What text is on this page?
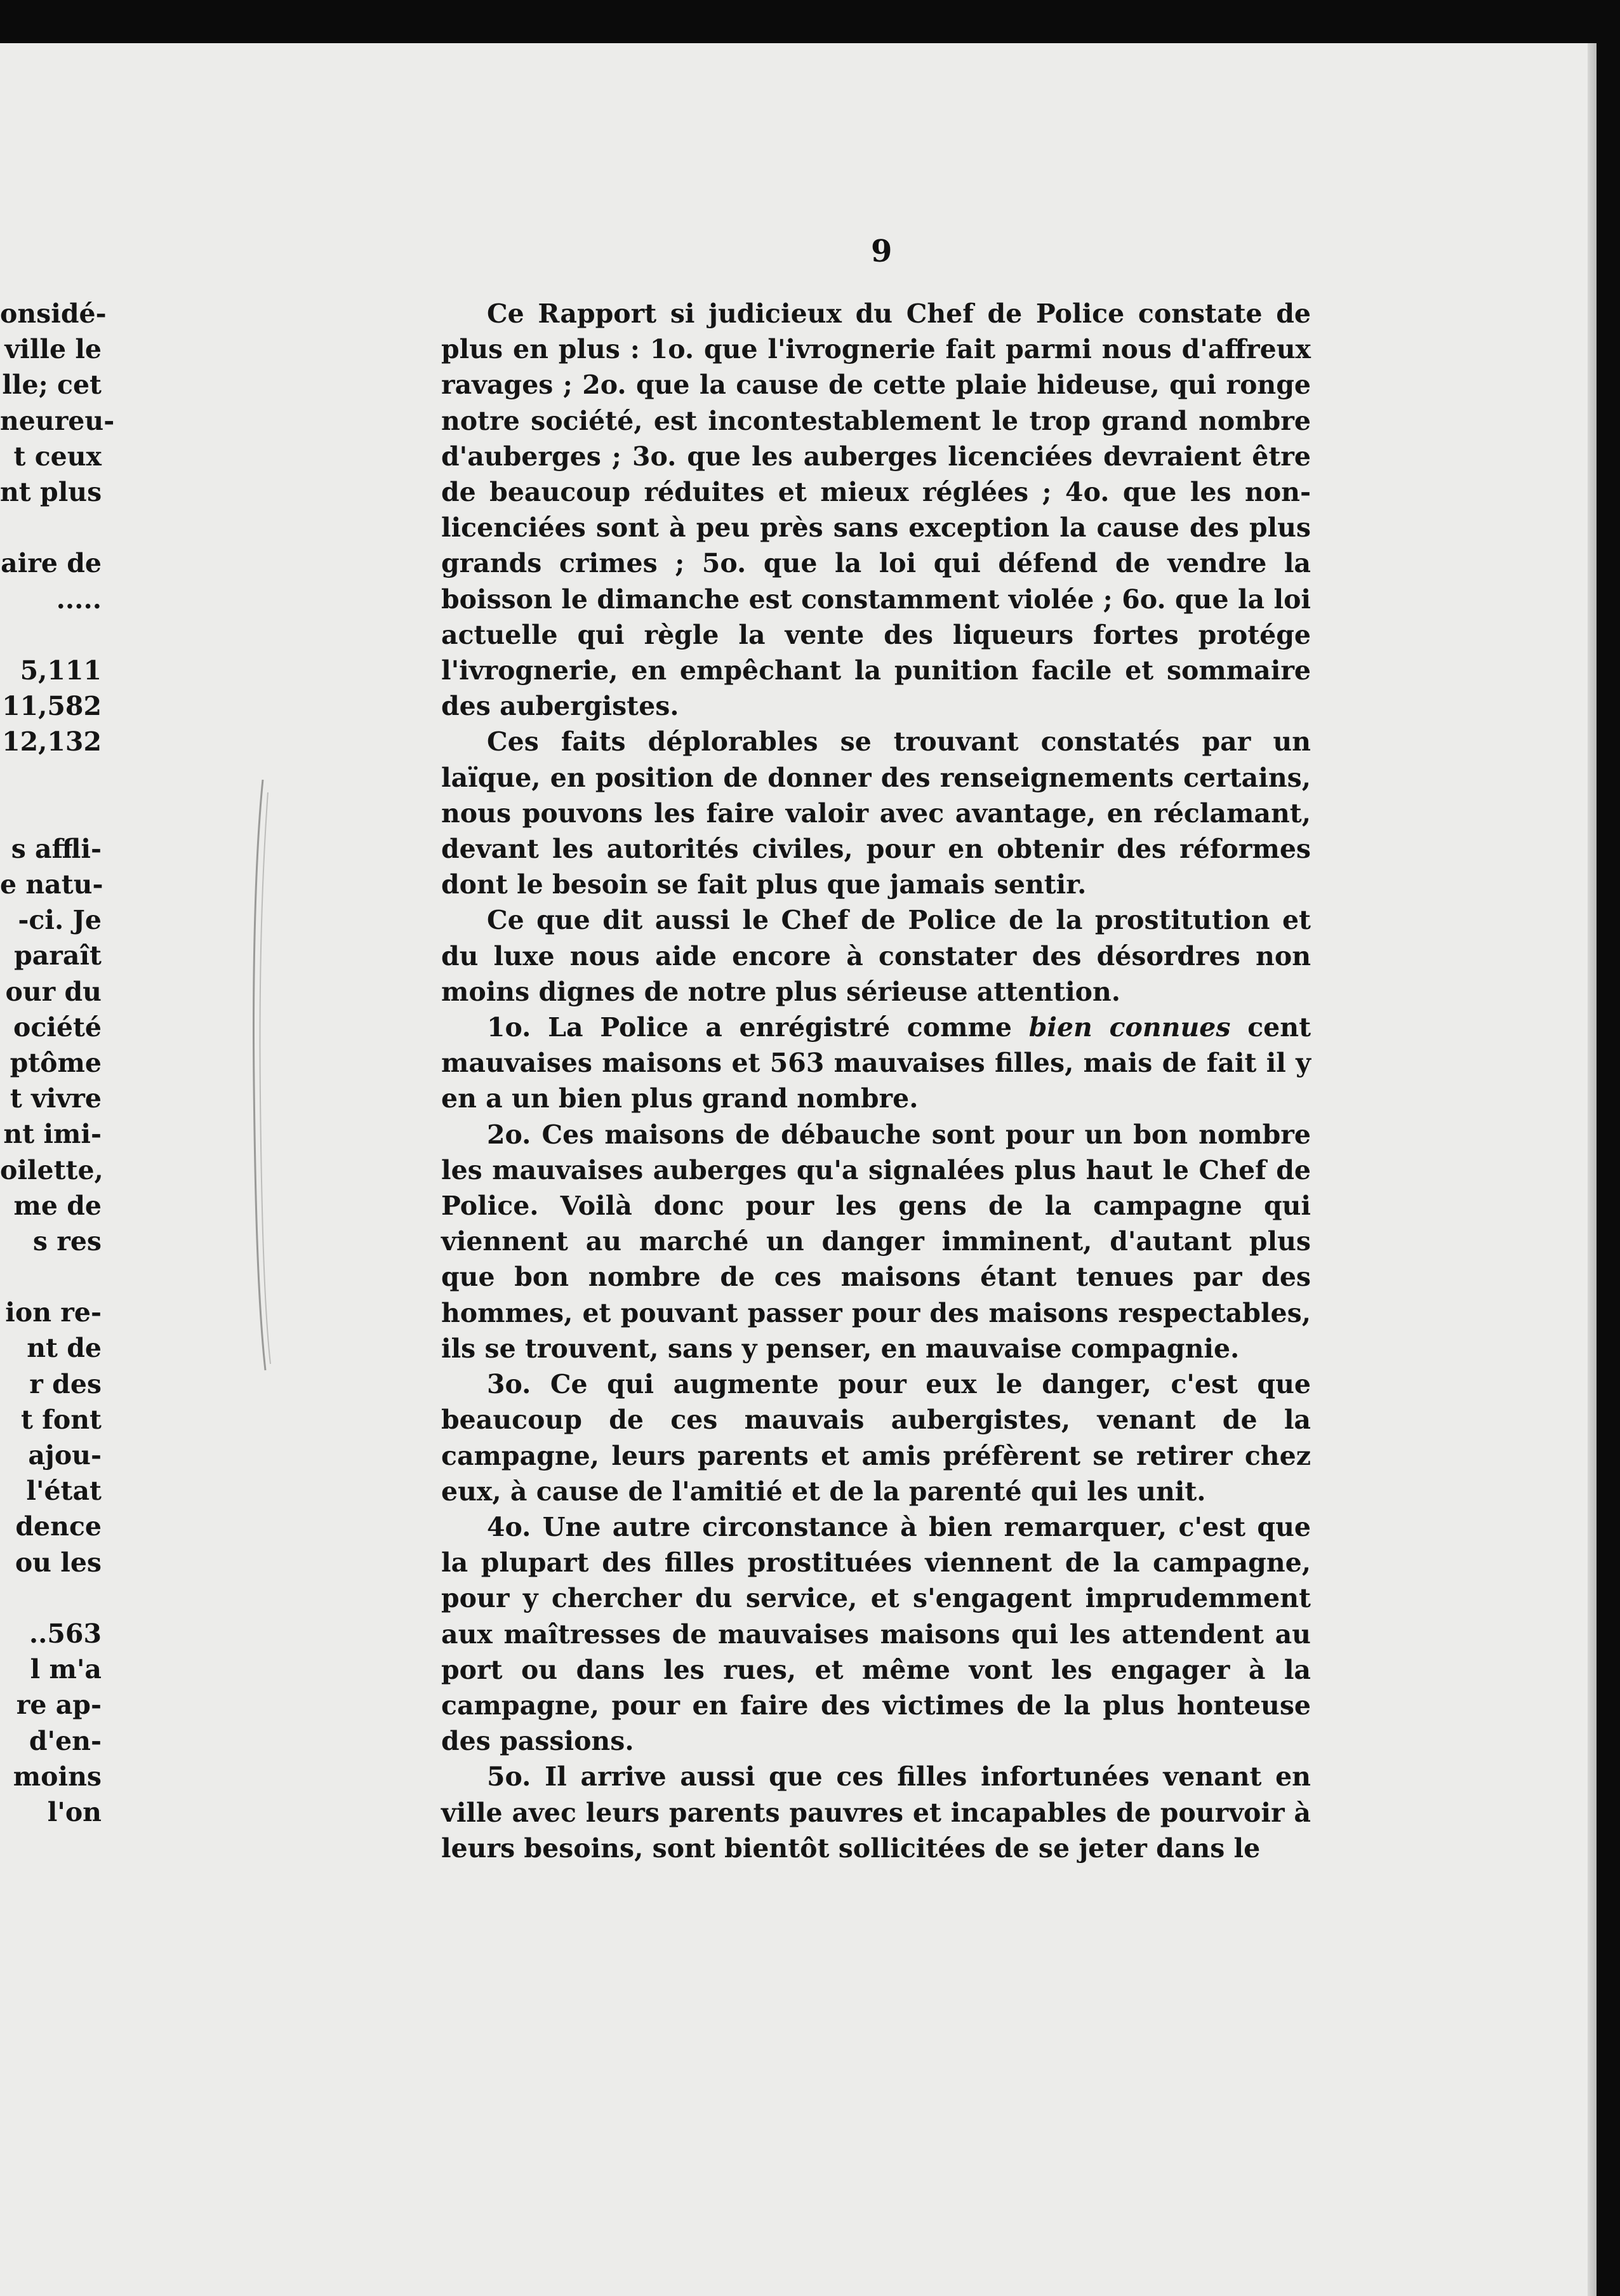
9
onsidé-
ville le
lle; cet
neureu-
t ceux
nt plus
aire de
.....
5,111
11,582
12,132
s affli-
e natu-
-ci. Je
paraît
our du
ociété
ptôme
t vivre
nt imi-
oilette,
me de
s res
ion re-
nt de
r des
t font
ajou-
l'état
dence
ou les
..563
l m'a
re ap-
d'en-
moins
l'on

Ce Rapport si judicieux du Chef de Police constate de plus en plus : 1o. que l'ivrognerie fait parmi nous d'affreux ravages ; 2o. que la cause de cette plaie hideuse, qui ronge notre société, est incontestablement le trop grand nombre d'auberges ; 3o. que les auberges licenciées devraient être de beaucoup réduites et mieux réglées ; 4o. que les non-licenciées sont à peu près sans exception la cause des plus grands crimes ; 5o. que la loi qui défend de vendre la boisson le dimanche est constamment violée ; 6o. que la loi actuelle qui règle la vente des liqueurs fortes protége l'ivrognerie, en empêchant la punition facile et sommaire des aubergistes.

Ces faits déplorables se trouvant constatés par un laïque, en position de donner des renseignements certains, nous pouvons les faire valoir avec avantage, en réclamant, devant les autorités civiles, pour en obtenir des réformes dont le besoin se fait plus que jamais sentir.

Ce que dit aussi le Chef de Police de la prostitution et du luxe nous aide encore à constater des désordres non moins dignes de notre plus sérieuse attention.

1o. La Police a enrégistré comme bien connues cent mauvaises maisons et 563 mauvaises filles, mais de fait il y en a un bien plus grand nombre.

2o. Ces maisons de débauche sont pour un bon nombre les mauvaises auberges qu'a signalées plus haut le Chef de Police. Voilà donc pour les gens de la campagne qui viennent au marché un danger imminent, d'autant plus que bon nombre de ces maisons étant tenues par des hommes, et pouvant passer pour des maisons respectables, ils se trouvent, sans y penser, en mauvaise compagnie.

3o. Ce qui augmente pour eux le danger, c'est que beaucoup de ces mauvais aubergistes, venant de la campagne, leurs parents et amis préfèrent se retirer chez eux, à cause de l'amitié et de la parenté qui les unit.

4o. Une autre circonstance à bien remarquer, c'est que la plupart des filles prostituées viennent de la campagne, pour y chercher du service, et s'engagent imprudemment aux maîtresses de mauvaises maisons qui les attendent au port ou dans les rues, et même vont les engager à la campagne, pour en faire des victimes de la plus honteuse des passions.

5o. Il arrive aussi que ces filles infortunées venant en ville avec leurs parents pauvres et incapables de pourvoir à leurs besoins, sont bientôt sollicitées de se jeter dans le
